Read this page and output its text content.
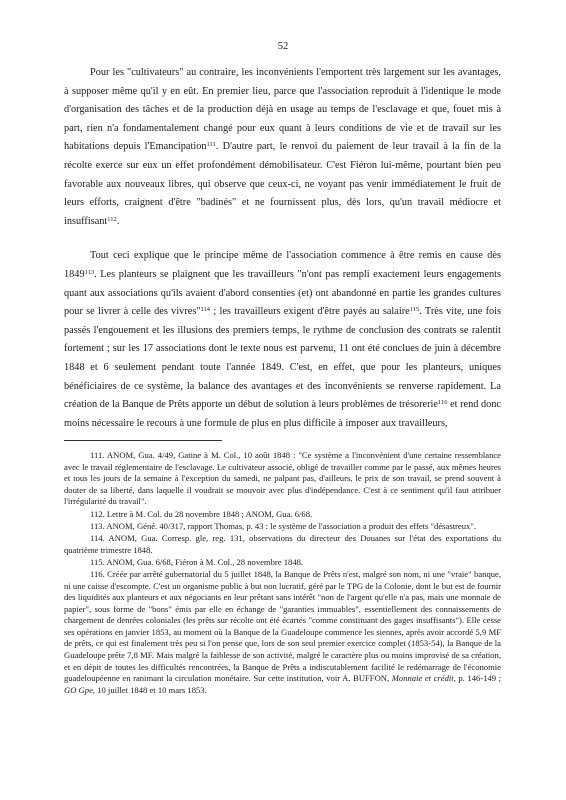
52

Pour les "cultivateurs" au contraire, les inconvénients l'emportent très largement sur les avantages, à supposer même qu'il y en eût. En premier lieu, parce que l'association reproduit à l'identique le mode d'organisation des tâches et de la production déjà en usage au temps de l'esclavage et que, fouet mis à part, rien n'a fondamentalement changé pour eux quant à leurs conditions de vie et de travail sur les habitations depuis l'Emancipation$^{111}$. D'autre part, le renvoi du paiement de leur travail à la fin de la récolte exerce sur eux un effet profondément démobilisateur. C'est Fiéron lui-même, pourtant bien peu favorable aux nouveaux libres, qui observe que ceux-ci, ne voyant pas venir immédiatement le fruit de leurs efforts, craignent d'être "badinés" et ne fournissent plus, dès lors, qu'un travail médiocre et insuffisant$^{112}$.

Tout ceci explique que le principe même de l'association commence à être remis en cause dès 1849$^{113}$. Les planteurs se plaignent que les travailleurs "n'ont pas rempli exactement leurs engagements quant aux associations qu'ils avaient d'abord consenties (et) ont abandonné en partie les grandes cultures pour se livrer à celle des vivres"$^{114}$ ; les travailleurs exigent d'être payés au salaire$^{115}$. Très vite, une fois passés l'engouement et les illusions des premiers temps, le rythme de conclusion des contrats se ralentit fortement ; sur les 17 associations dont le texte nous est parvenu, 11 ont été conclues de juin à décembre 1848 et 6 seulement pendant toute l'année 1849. C'est, en effet, que pour les planteurs, uniques bénéficiaires de ce système, la balance des avantages et des inconvénients se renverse rapidement. La création de la Banque de Prêts apporte un début de solution à leurs problèmes de trésorerie$^{116}$ et rend donc moins nécessaire le recours à une formule de plus en plus difficile à imposer aux travailleurs,

111. ANOM, Gua. 4/49, Gatine à M. Col., 10 août 1848 : "Ce système a l'inconvénient d'une certaine ressemblance avec le travail réglementaire de l'esclavage. Le cultivateur associé, obligé de travailler comme par le passé, aux mêmes heures et tous les jours de la semaine à l'exception du samedi, ne palpant pas, d'ailleurs, le prix de son travail, se prend souvent à douter de sa liberté, dans laquelle il voudrait se mouvoir avec plus d'indépendance. C'est à ce sentiment qu'il faut attribuer l'irrégularité du travail".

112. Lettre à M. Col. du 28 novembre 1848 ; ANOM, Gua. 6/68.

113. ANOM, Géné. 40/317, rapport Thomas, p. 43 : le système de l'association a produit des effets "désastreux".

114. ANOM, Gua. Corresp. gle, reg. 131, observations du directeur des Douanes sur l'état des exportations du quatrième trimestre 1848.

115. ANOM, Gua. 6/68, Fiéron à M. Col., 28 novembre 1848.

116. Créée par arrêté gubernatorial du 5 juillet 1848, la Banque de Prêts n'est, malgré son nom, ni une "vraie" banque, ni une caisse d'escompte. C'est un organisme public à but non lucratif, géré par le TPG de la Colonie, dont le but est de fournir des liquidités aux planteurs et aux négociants en leur prêtant sans intérêt "non de l'argent qu'elle n'a pas, mais une monnaie de papier", sous forme de "bons" émis par elle en échange de "garanties immuables", essentiellement des connaissements de chargement de denrées coloniales (les prêts sur récolte ont été écartés "comme constituant des gages insuffisants"). Elle cesse ses opérations en janvier 1853, au moment où la Banque de la Guadeloupe commence les siennes, après avoir accordé 5,9 MF de prêts, ce qui est finalement très peu si l'on pense que, lors de son seul premier exercice complet (1853-54), la Banque de la Guadeloupe prête 7,8 MF. Mais malgré la faiblesse de son activité, malgré le caractère plus ou moins improvisé de sa création, et en dépit de toutes les difficultés rencontrées, la Banque de Prêts a indiscutablement facilité le redémarrage de l'économie guadeloupéenne en ranimant la circulation monétaire. Sur cette institution, voir A. BUFFON, Monnaie et crédit, p. 146-149 ; GO Gpe, 10 juillet 1848 et 10 mars 1853.
